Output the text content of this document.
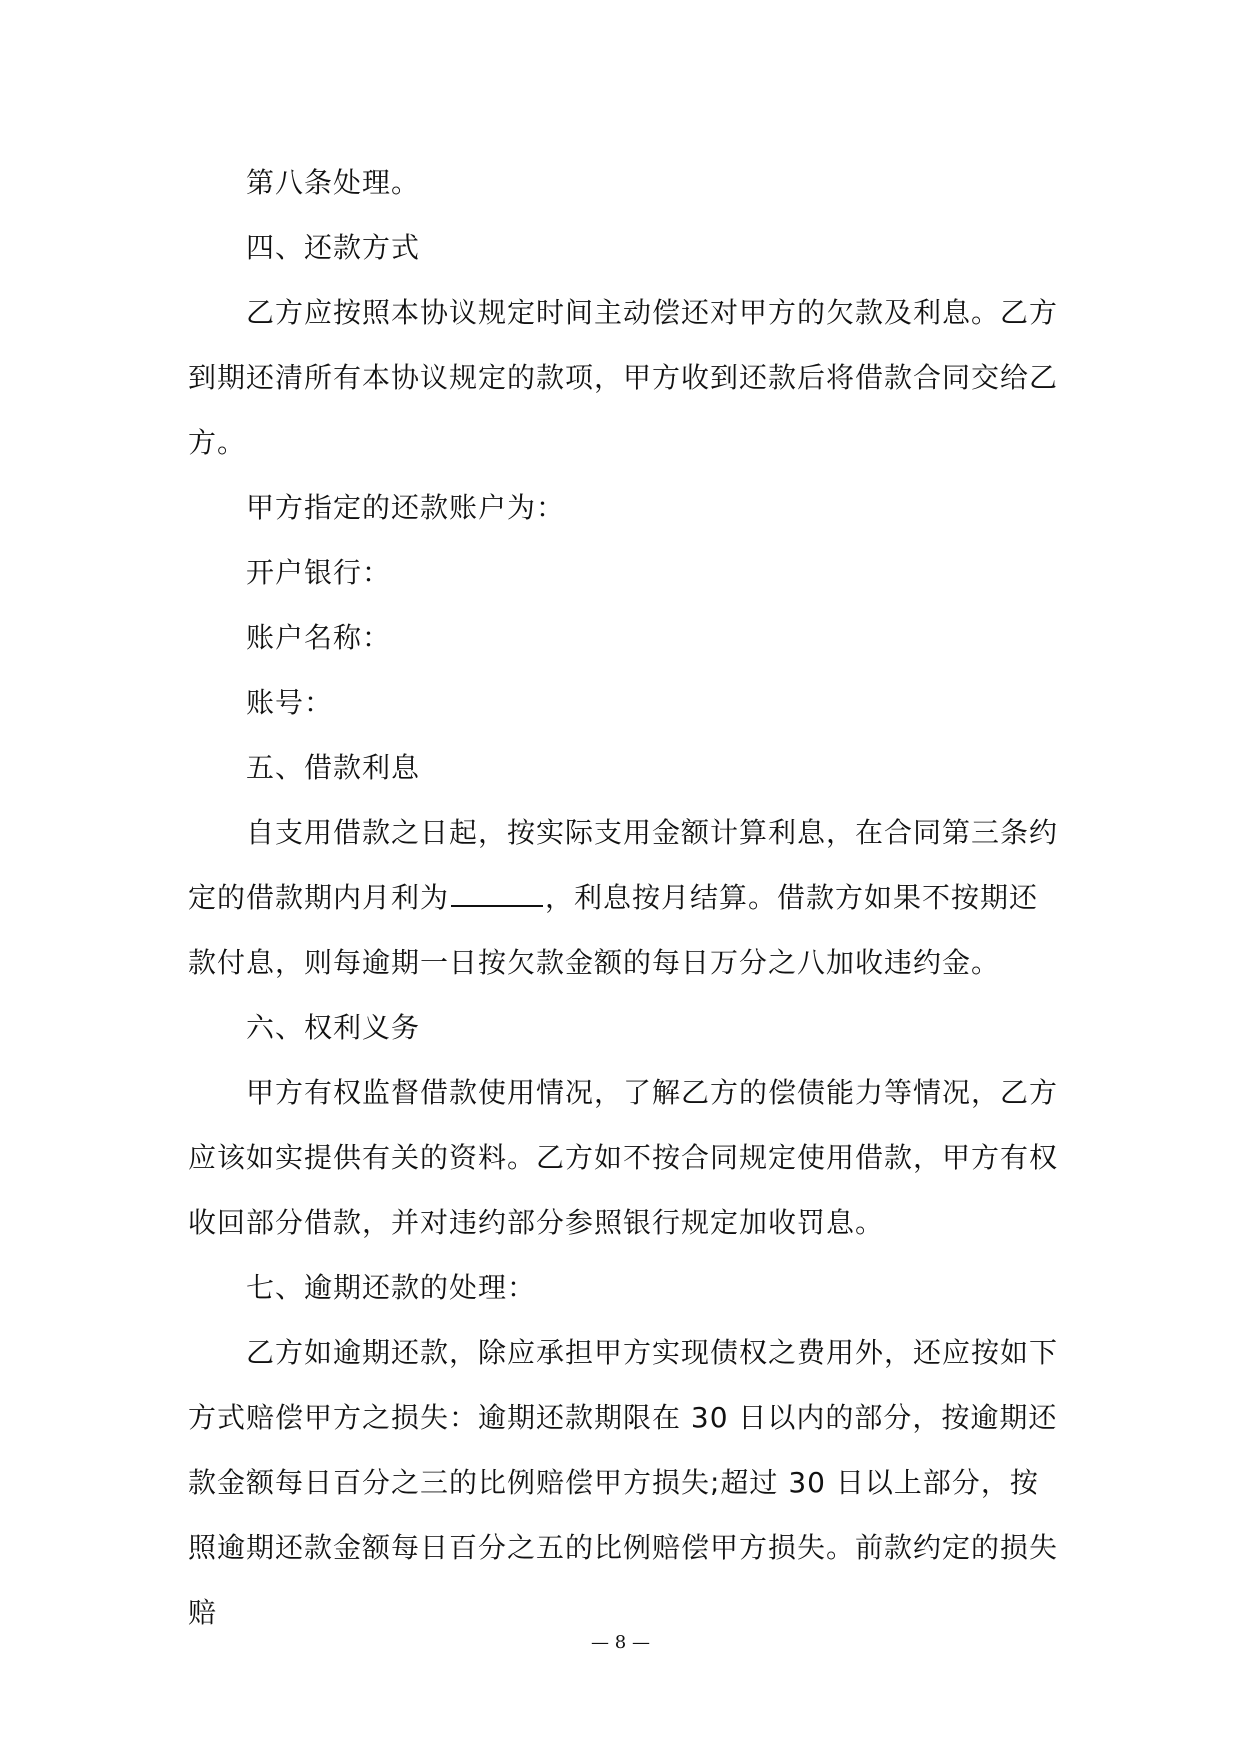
第八条处理。

四、还款方式

乙方应按照本协议规定时间主动偿还对甲方的欠款及利息。乙方到期还清所有本协议规定的款项，甲方收到还款后将借款合同交给乙方。

甲方指定的还款账户为：

开户银行：

账户名称：

账号：

五、借款利息

自支用借款之日起，按实际支用金额计算利息，在合同第三条约定的借款期内月利为	，利息按月结算。借款方如果不按期还款付息，则每逾期一日按欠款金额的每日万分之八加收违约金。

六、权利义务

甲方有权监督借款使用情况，了解乙方的偿债能力等情况，乙方应该如实提供有关的资料。乙方如不按合同规定使用借款，甲方有权收回部分借款，并对违约部分参照银行规定加收罚息。

七、逾期还款的处理：

乙方如逾期还款，除应承担甲方实现债权之费用外，还应按如下方式赔偿甲方之损失：逾期还款期限在 30 日以内的部分，按逾期还款金额每日百分之三的比例赔偿甲方损失;超过 30 日以上部分，按照逾期还款金额每日百分之五的比例赔偿甲方损失。前款约定的损失赔

— 8 —
